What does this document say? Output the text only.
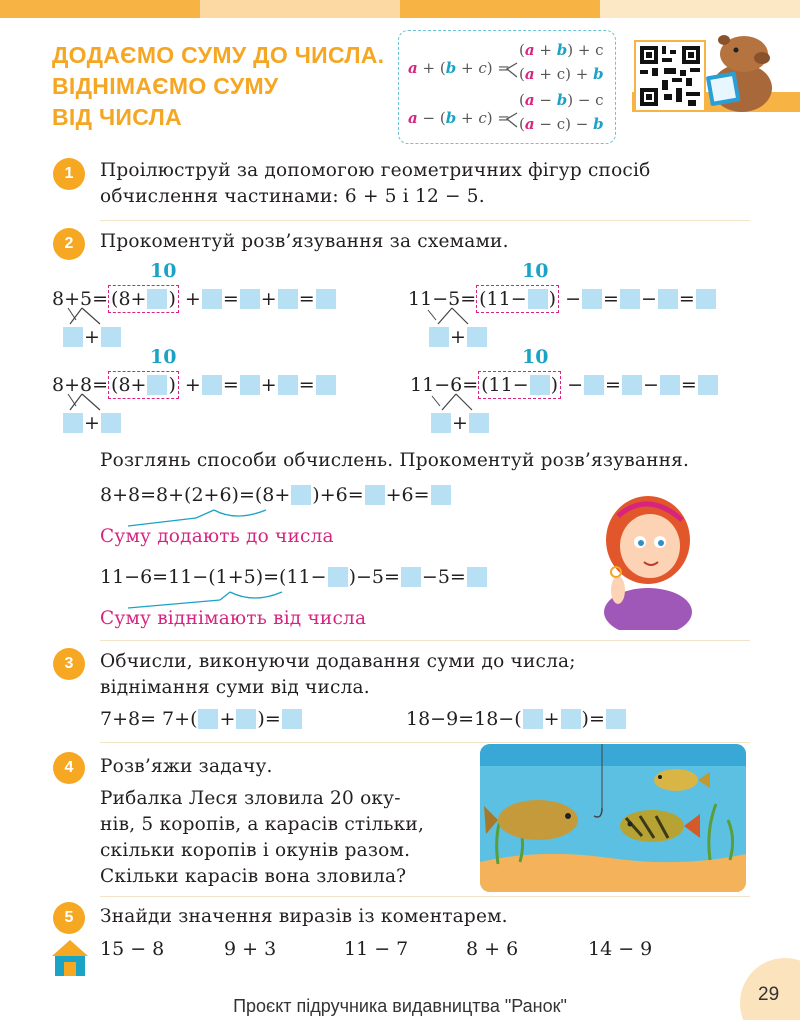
ДОДАЄМО СУМУ ДО ЧИСЛА.
ВІДНІМАЄМО СУМУ
ВІД ЧИСЛА
a + (b + c) =
(a + b) + c
(a + c) + b
a − (b + c) =
(a − b) − c
(a − c) − b
1	Проілюструй за допомогою геометричних фігур спосіб
обчислення частинами: 6 + 5 і 12 − 5.
2	Прокоментуй розв’язування за схемами.
10
8 + 5 = ( 8 + ) + = + =
+
10
11 − 5 = ( 11 − ) − = − =
+
10
8 + 8 = ( 8 + ) + = + =
+
10
11 − 6 = ( 11 − ) − = − =
+
Розглянь способи обчислень. Прокоментуй розв’язування.
8+8=8+ (2+6) =(8+ )+6= +6=
Суму додають до числа
11−6=11− (1+5) =(11− )−5= −5=
Суму віднімають від числа
3	Обчисли, виконуючи додавання суми до числа;
віднімання суми від числа.
7+8= 7+( + )=	18−9=18−( + )=
4	Розв’яжи задачу.
Рибалка Леся зловила 20 оку-
нів, 5 коропів, а карасів стільки,
скільки коропів і окунів разом.
Скільки карасів вона зловила?
5	Знайди значення виразів із коментарем.
15 − 8	9 + 3	11 − 7	8 + 6	14 − 9
29
Проєкт підручника видавництва "Ранок"
